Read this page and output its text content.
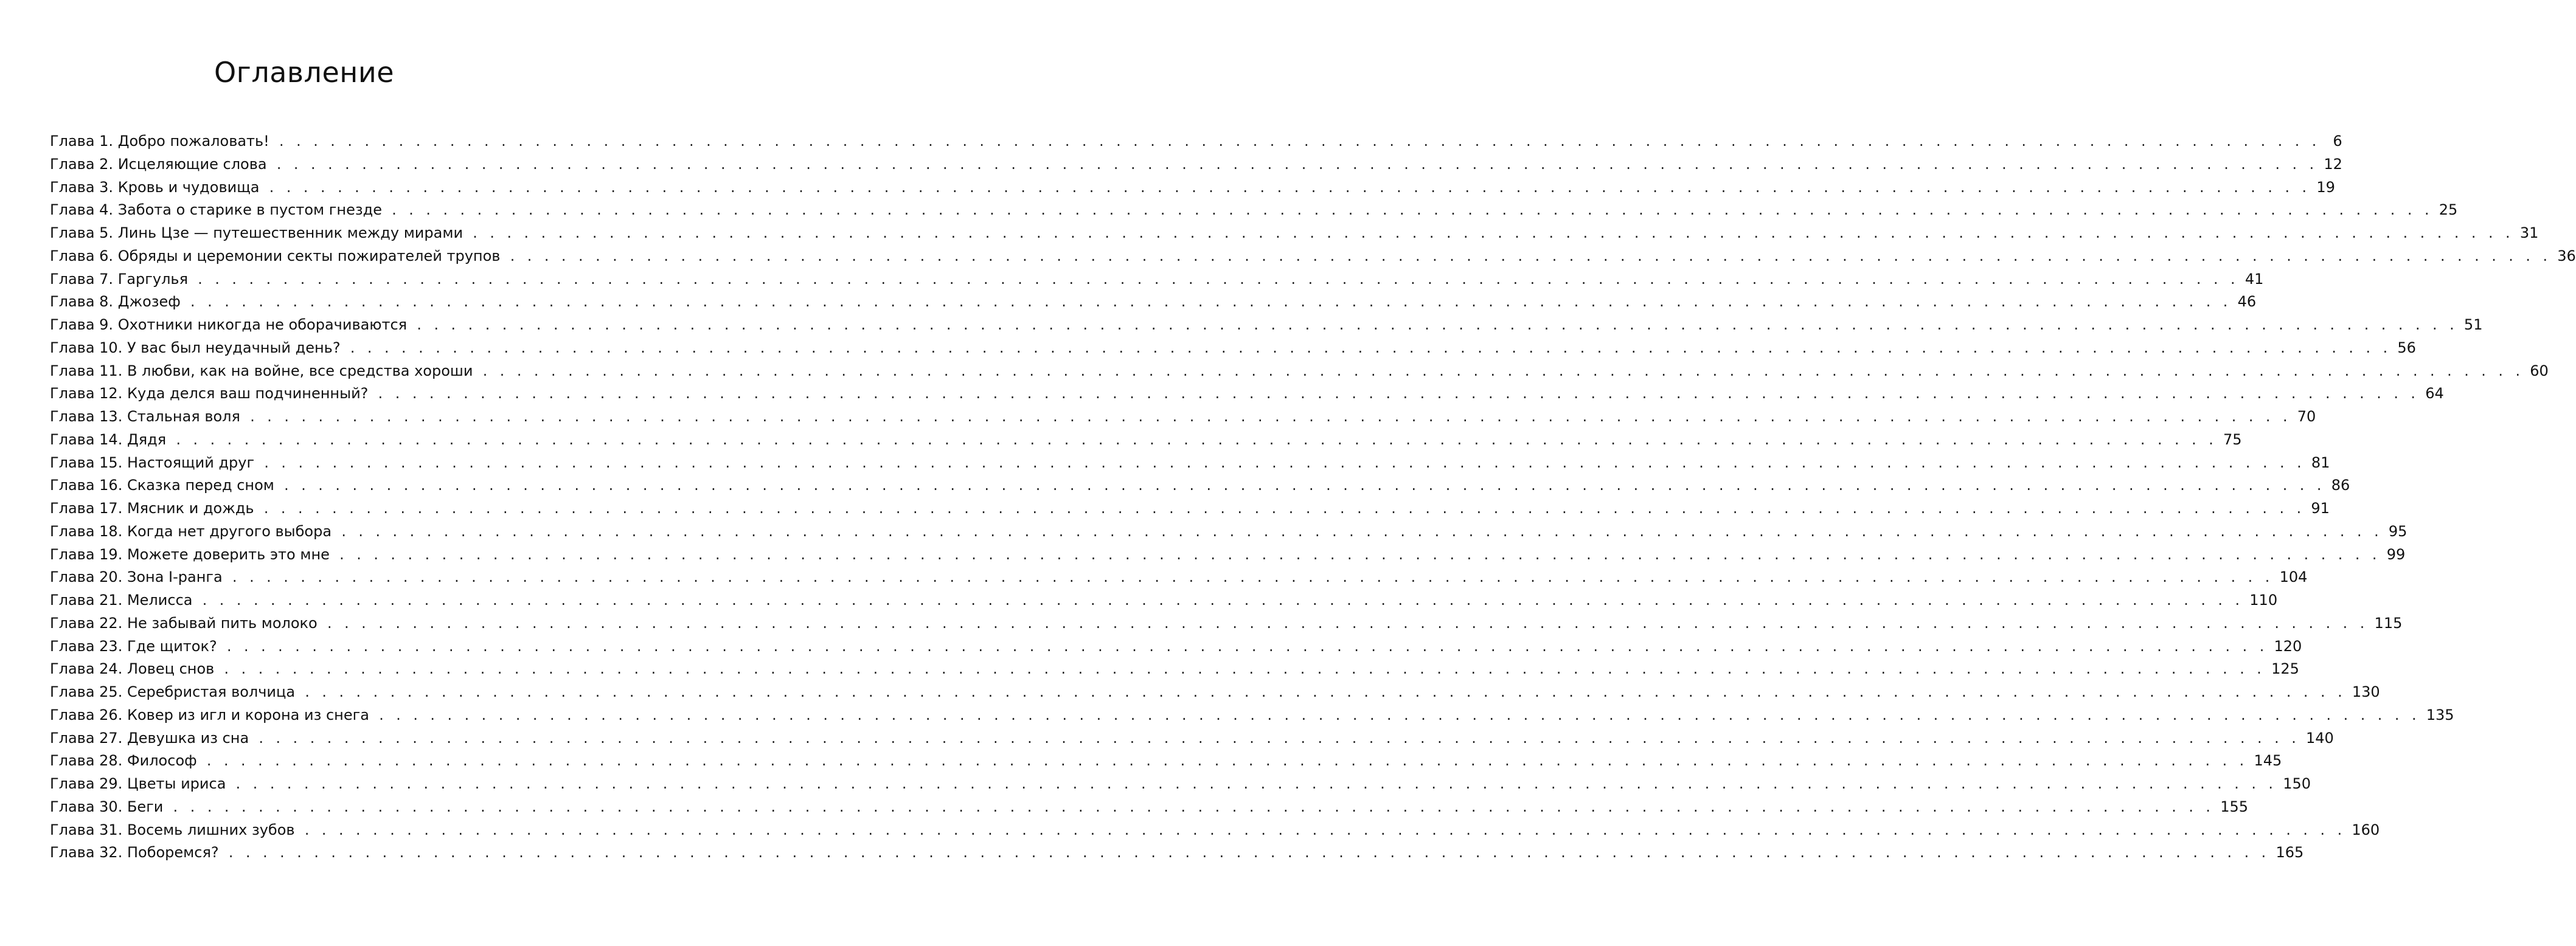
Оглавление
Глава 1. Добро пожаловать! . . . . . . . . . . . . . . . . . . . . . . . . . . . . . . . . . . . . . . . . . . . . . . . . . . . . . . . . . . . . . . . . . . . . . . . . . . . . . . . . . . . . . . . . . . . . . . . . . . . . . . . . . . . . . . . . . . . . . . . . 6
Глава 2. Исцеляющие слова . . . . . . . . . . . . . . . . . . . . . . . . . . . . . . . . . . . . . . . . . . . . . . . . . . . . . . . . . . . . . . . . . . . . . . . . . . . . . . . . . . . . . . . . . . . . . . . . . . . . . . . . . . . . . . . . . . . . . . . . 12
Глава 3. Кровь и чудовища . . . . . . . . . . . . . . . . . . . . . . . . . . . . . . . . . . . . . . . . . . . . . . . . . . . . . . . . . . . . . . . . . . . . . . . . . . . . . . . . . . . . . . . . . . . . . . . . . . . . . . . . . . . . . . . . . . . . . . . . 19
Глава 4. Забота о старике в пустом гнезде . . . . . . . . . . . . . . . . . . . . . . . . . . . . . . . . . . . . . . . . . . . . . . . . . . . . . . . . . . . . . . . . . . . . . . . . . . . . . . . . . . . . . . . . . . . . . . . . . . . . . . . . . . . . . . . . . . . . . . . . 25
Глава 5. Линь Цзе — путешественник между мирами . . . . . . . . . . . . . . . . . . . . . . . . . . . . . . . . . . . . . . . . . . . . . . . . . . . . . . . . . . . . . . . . . . . . . . . . . . . . . . . . . . . . . . . . . . . . . . . . . . . . . . . . . . . . . . . . . . . . . . . . 31
Глава 6. Обряды и церемонии секты пожирателей трупов . . . . . . . . . . . . . . . . . . . . . . . . . . . . . . . . . . . . . . . . . . . . . . . . . . . . . . . . . . . . . . . . . . . . . . . . . . . . . . . . . . . . . . . . . . . . . . . . . . . . . . . . . . . . . . . . . . . . . . . . 36
Глава 7. Гаргулья . . . . . . . . . . . . . . . . . . . . . . . . . . . . . . . . . . . . . . . . . . . . . . . . . . . . . . . . . . . . . . . . . . . . . . . . . . . . . . . . . . . . . . . . . . . . . . . . . . . . . . . . . . . . . . . . . . . . . . . . 41
Глава 8. Джозеф . . . . . . . . . . . . . . . . . . . . . . . . . . . . . . . . . . . . . . . . . . . . . . . . . . . . . . . . . . . . . . . . . . . . . . . . . . . . . . . . . . . . . . . . . . . . . . . . . . . . . . . . . . . . . . . . . . . . . . . . 46
Глава 9. Охотники никогда не оборачиваются . . . . . . . . . . . . . . . . . . . . . . . . . . . . . . . . . . . . . . . . . . . . . . . . . . . . . . . . . . . . . . . . . . . . . . . . . . . . . . . . . . . . . . . . . . . . . . . . . . . . . . . . . . . . . . . . . . . . . . . . 51
Глава 10. У вас был неудачный день? . . . . . . . . . . . . . . . . . . . . . . . . . . . . . . . . . . . . . . . . . . . . . . . . . . . . . . . . . . . . . . . . . . . . . . . . . . . . . . . . . . . . . . . . . . . . . . . . . . . . . . . . . . . . . . . . . . . . . . . . 56
Глава 11. В любви, как на войне, все средства хороши . . . . . . . . . . . . . . . . . . . . . . . . . . . . . . . . . . . . . . . . . . . . . . . . . . . . . . . . . . . . . . . . . . . . . . . . . . . . . . . . . . . . . . . . . . . . . . . . . . . . . . . . . . . . . . . . . . . . . . . . 60
Глава 12. Куда делся ваш подчиненный? . . . . . . . . . . . . . . . . . . . . . . . . . . . . . . . . . . . . . . . . . . . . . . . . . . . . . . . . . . . . . . . . . . . . . . . . . . . . . . . . . . . . . . . . . . . . . . . . . . . . . . . . . . . . . . . . . . . . . . . . 64
Глава 13. Стальная воля . . . . . . . . . . . . . . . . . . . . . . . . . . . . . . . . . . . . . . . . . . . . . . . . . . . . . . . . . . . . . . . . . . . . . . . . . . . . . . . . . . . . . . . . . . . . . . . . . . . . . . . . . . . . . . . . . . . . . . . . 70
Глава 14. Дядя . . . . . . . . . . . . . . . . . . . . . . . . . . . . . . . . . . . . . . . . . . . . . . . . . . . . . . . . . . . . . . . . . . . . . . . . . . . . . . . . . . . . . . . . . . . . . . . . . . . . . . . . . . . . . . . . . . . . . . . . 75
Глава 15. Настоящий друг . . . . . . . . . . . . . . . . . . . . . . . . . . . . . . . . . . . . . . . . . . . . . . . . . . . . . . . . . . . . . . . . . . . . . . . . . . . . . . . . . . . . . . . . . . . . . . . . . . . . . . . . . . . . . . . . . . . . . . . . 81
Глава 16. Сказка перед сном . . . . . . . . . . . . . . . . . . . . . . . . . . . . . . . . . . . . . . . . . . . . . . . . . . . . . . . . . . . . . . . . . . . . . . . . . . . . . . . . . . . . . . . . . . . . . . . . . . . . . . . . . . . . . . . . . . . . . . . . 86
Глава 17. Мясник и дождь . . . . . . . . . . . . . . . . . . . . . . . . . . . . . . . . . . . . . . . . . . . . . . . . . . . . . . . . . . . . . . . . . . . . . . . . . . . . . . . . . . . . . . . . . . . . . . . . . . . . . . . . . . . . . . . . . . . . . . . . 91
Глава 18. Когда нет другого выбора . . . . . . . . . . . . . . . . . . . . . . . . . . . . . . . . . . . . . . . . . . . . . . . . . . . . . . . . . . . . . . . . . . . . . . . . . . . . . . . . . . . . . . . . . . . . . . . . . . . . . . . . . . . . . . . . . . . . . . . . 95
Глава 19. Можете доверить это мне . . . . . . . . . . . . . . . . . . . . . . . . . . . . . . . . . . . . . . . . . . . . . . . . . . . . . . . . . . . . . . . . . . . . . . . . . . . . . . . . . . . . . . . . . . . . . . . . . . . . . . . . . . . . . . . . . . . . . . . . 99
Глава 20. Зона I-ранга . . . . . . . . . . . . . . . . . . . . . . . . . . . . . . . . . . . . . . . . . . . . . . . . . . . . . . . . . . . . . . . . . . . . . . . . . . . . . . . . . . . . . . . . . . . . . . . . . . . . . . . . . . . . . . . . . . . . . . . . 104
Глава 21. Мелисса . . . . . . . . . . . . . . . . . . . . . . . . . . . . . . . . . . . . . . . . . . . . . . . . . . . . . . . . . . . . . . . . . . . . . . . . . . . . . . . . . . . . . . . . . . . . . . . . . . . . . . . . . . . . . . . . . . . . . . . . 110
Глава 22. Не забывай пить молоко . . . . . . . . . . . . . . . . . . . . . . . . . . . . . . . . . . . . . . . . . . . . . . . . . . . . . . . . . . . . . . . . . . . . . . . . . . . . . . . . . . . . . . . . . . . . . . . . . . . . . . . . . . . . . . . . . . . . . . . . 115
Глава 23. Где щиток? . . . . . . . . . . . . . . . . . . . . . . . . . . . . . . . . . . . . . . . . . . . . . . . . . . . . . . . . . . . . . . . . . . . . . . . . . . . . . . . . . . . . . . . . . . . . . . . . . . . . . . . . . . . . . . . . . . . . . . . . 120
Глава 24. Ловец снов . . . . . . . . . . . . . . . . . . . . . . . . . . . . . . . . . . . . . . . . . . . . . . . . . . . . . . . . . . . . . . . . . . . . . . . . . . . . . . . . . . . . . . . . . . . . . . . . . . . . . . . . . . . . . . . . . . . . . . . . 125
Глава 25. Серебристая волчица . . . . . . . . . . . . . . . . . . . . . . . . . . . . . . . . . . . . . . . . . . . . . . . . . . . . . . . . . . . . . . . . . . . . . . . . . . . . . . . . . . . . . . . . . . . . . . . . . . . . . . . . . . . . . . . . . . . . . . . . 130
Глава 26. Ковер из игл и корона из снега . . . . . . . . . . . . . . . . . . . . . . . . . . . . . . . . . . . . . . . . . . . . . . . . . . . . . . . . . . . . . . . . . . . . . . . . . . . . . . . . . . . . . . . . . . . . . . . . . . . . . . . . . . . . . . . . . . . . . . . . 135
Глава 27. Девушка из сна . . . . . . . . . . . . . . . . . . . . . . . . . . . . . . . . . . . . . . . . . . . . . . . . . . . . . . . . . . . . . . . . . . . . . . . . . . . . . . . . . . . . . . . . . . . . . . . . . . . . . . . . . . . . . . . . . . . . . . . . 140
Глава 28. Философ . . . . . . . . . . . . . . . . . . . . . . . . . . . . . . . . . . . . . . . . . . . . . . . . . . . . . . . . . . . . . . . . . . . . . . . . . . . . . . . . . . . . . . . . . . . . . . . . . . . . . . . . . . . . . . . . . . . . . . . . 145
Глава 29. Цветы ириса . . . . . . . . . . . . . . . . . . . . . . . . . . . . . . . . . . . . . . . . . . . . . . . . . . . . . . . . . . . . . . . . . . . . . . . . . . . . . . . . . . . . . . . . . . . . . . . . . . . . . . . . . . . . . . . . . . . . . . . . 150
Глава 30. Беги . . . . . . . . . . . . . . . . . . . . . . . . . . . . . . . . . . . . . . . . . . . . . . . . . . . . . . . . . . . . . . . . . . . . . . . . . . . . . . . . . . . . . . . . . . . . . . . . . . . . . . . . . . . . . . . . . . . . . . . . 155
Глава 31. Восемь лишних зубов . . . . . . . . . . . . . . . . . . . . . . . . . . . . . . . . . . . . . . . . . . . . . . . . . . . . . . . . . . . . . . . . . . . . . . . . . . . . . . . . . . . . . . . . . . . . . . . . . . . . . . . . . . . . . . . . . . . . . . . . 160
Глава 32. Поборемся? . . . . . . . . . . . . . . . . . . . . . . . . . . . . . . . . . . . . . . . . . . . . . . . . . . . . . . . . . . . . . . . . . . . . . . . . . . . . . . . . . . . . . . . . . . . . . . . . . . . . . . . . . . . . . . . . . . . . . . . . 165
